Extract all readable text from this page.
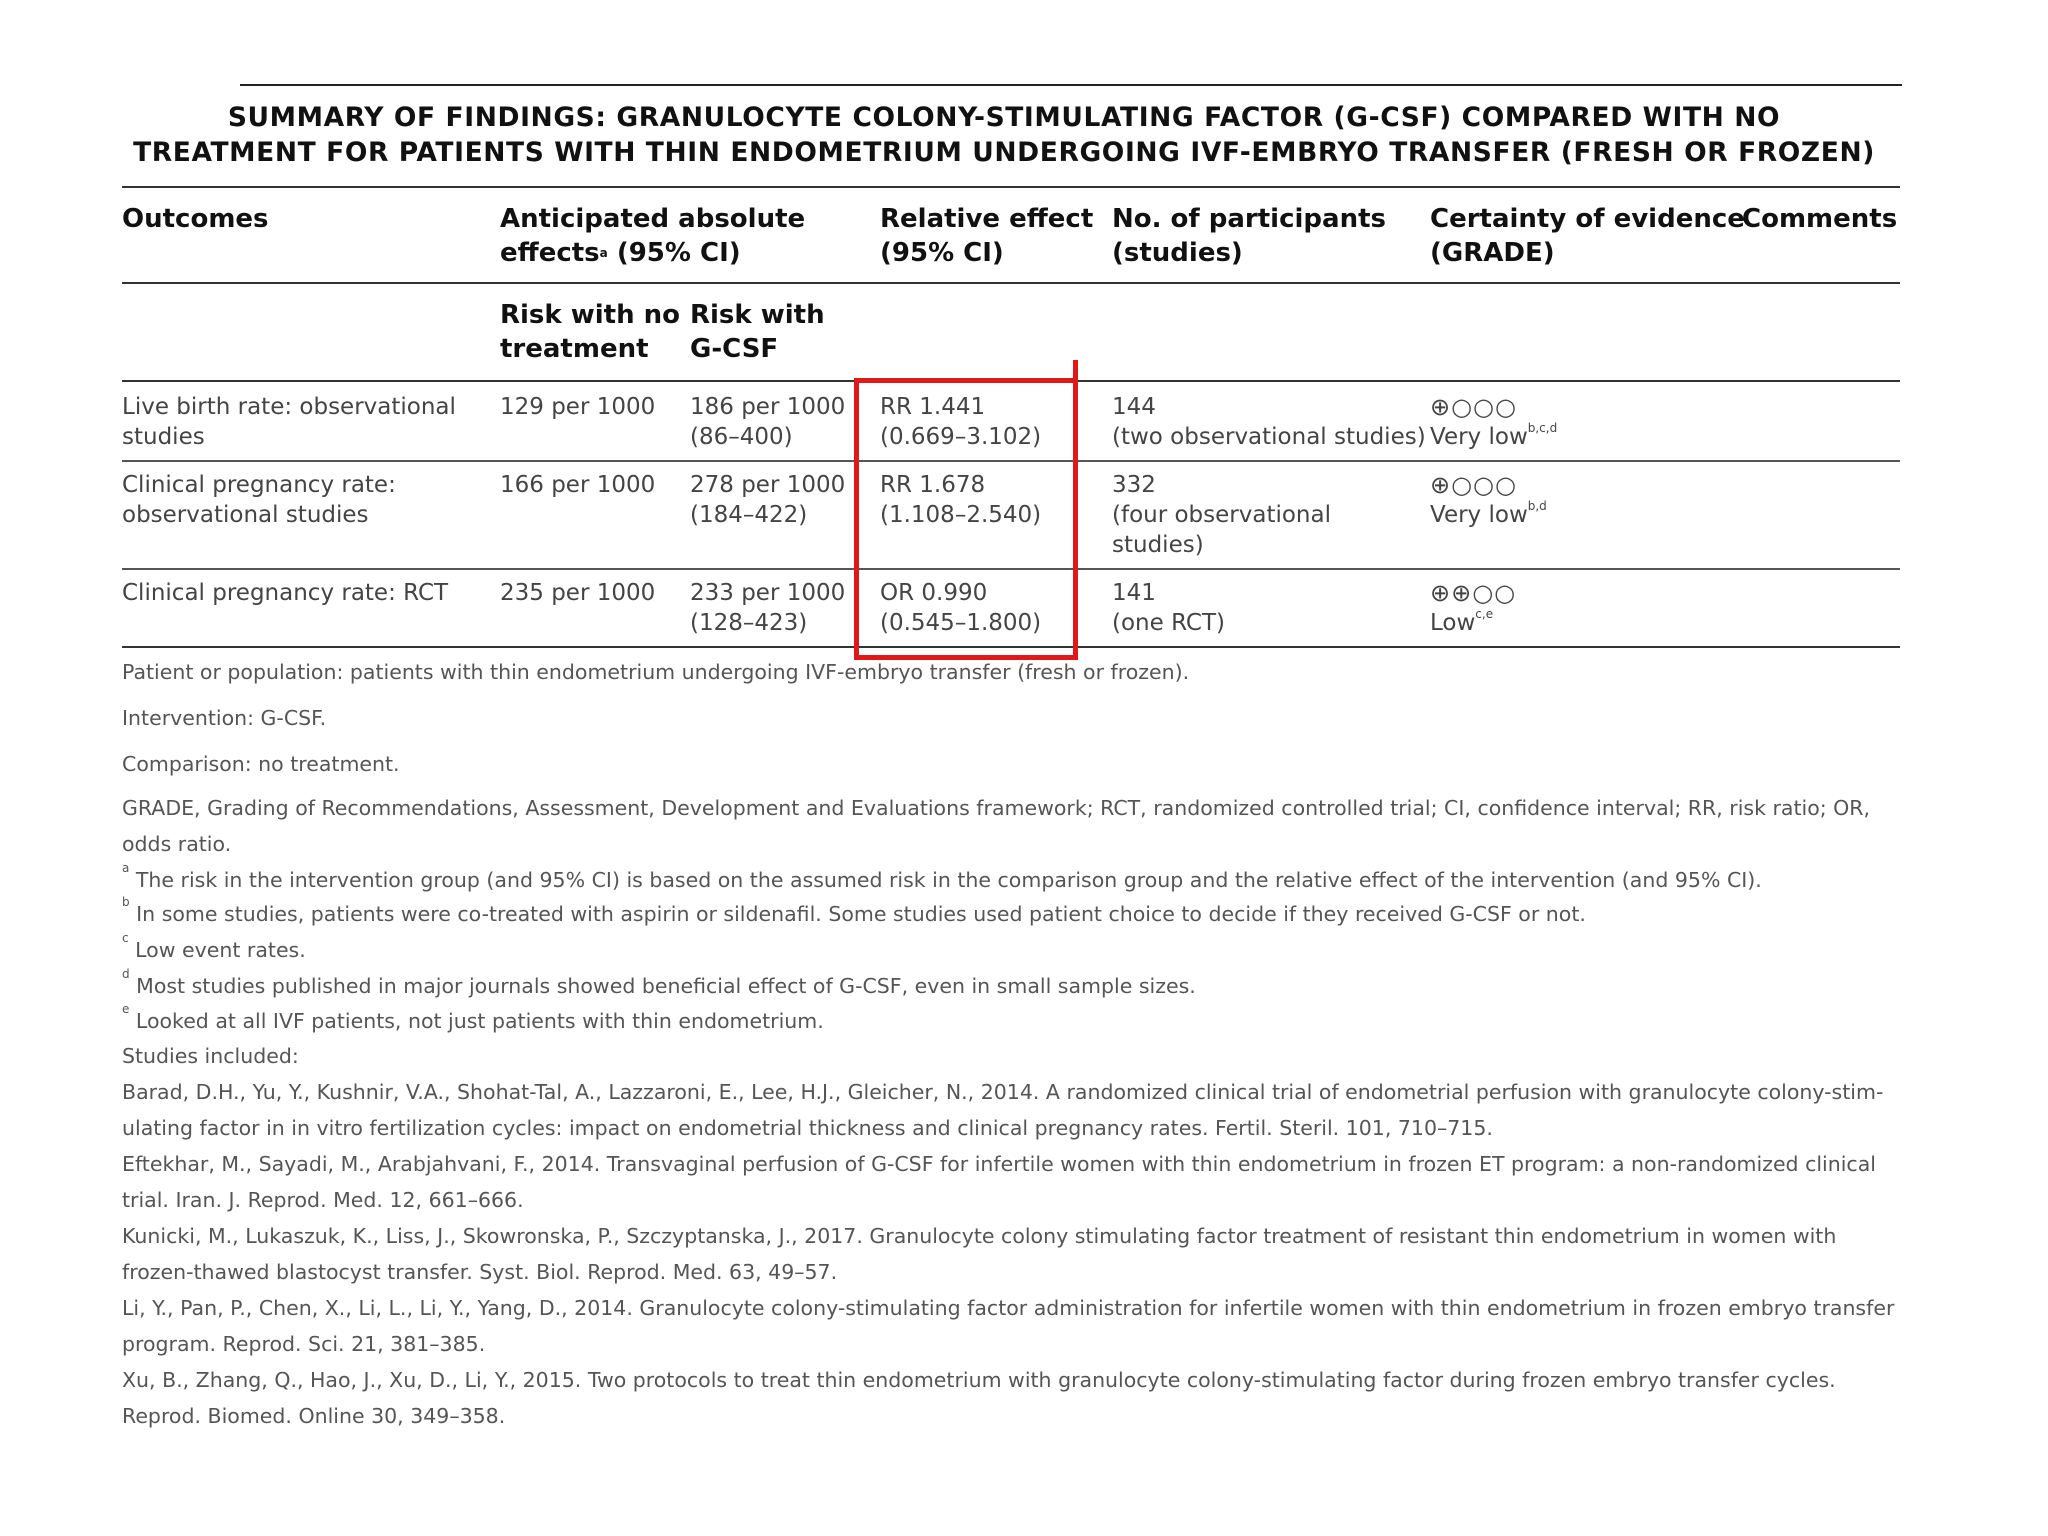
SUMMARY OF FINDINGS: GRANULOCYTE COLONY-STIMULATING FACTOR (G-CSF) COMPARED WITH NO
TREATMENT FOR PATIENTS WITH THIN ENDOMETRIUM UNDERGOING IVF-EMBRYO TRANSFER (FRESH OR FROZEN)
Outcomes	Anticipated absolute
effects$^a$ (95% CI)
Relative effect
(95% CI)
No. of participants
(studies)
Certainty of evidence
(GRADE)
Comments
Risk with no
treatment
Risk with
G-CSF
Live birth rate: observational
studies
129 per 1000 186 per 1000
(86–400)
RR 1.441
(0.669–3.102)
144
(two observational studies)
⊕○○○
Very low$^{b,c,d}$
Clinical pregnancy rate:
observational studies
166 per 1000 278 per 1000
(184–422)
RR 1.678
(1.108–2.540)
332
(four observational
studies)
⊕○○○
Very low$^{b,d}$
Clinical pregnancy rate: RCT 235 per 1000 233 per 1000
(128–423)
OR 0.990
(0.545–1.800)
141
(one RCT)
⊕⊕○○
Low$^{c,e}$
Patient or population: patients with thin endometrium undergoing IVF-embryo transfer (fresh or frozen).
Intervention: G-CSF.
Comparison: no treatment.
GRADE, Grading of Recommendations, Assessment, Development and Evaluations framework; RCT, randomized controlled trial; CI, confidence interval; RR, risk ratio; OR,
odds ratio.
$^a$ The risk in the intervention group (and 95% CI) is based on the assumed risk in the comparison group and the relative effect of the intervention (and 95% CI).
$^b$ In some studies, patients were co-treated with aspirin or sildenafil. Some studies used patient choice to decide if they received G-CSF or not.
$^c$ Low event rates.
$^d$ Most studies published in major journals showed beneficial effect of G-CSF, even in small sample sizes.
$^e$ Looked at all IVF patients, not just patients with thin endometrium.
Studies included:
Barad, D.H., Yu, Y., Kushnir, V.A., Shohat-Tal, A., Lazzaroni, E., Lee, H.J., Gleicher, N., 2014. A randomized clinical trial of endometrial perfusion with granulocyte colony-stim-
ulating factor in in vitro fertilization cycles: impact on endometrial thickness and clinical pregnancy rates. Fertil. Steril. 101, 710–715.
Eftekhar, M., Sayadi, M., Arabjahvani, F., 2014. Transvaginal perfusion of G-CSF for infertile women with thin endometrium in frozen ET program: a non-randomized clinical
trial. Iran. J. Reprod. Med. 12, 661–666.
Kunicki, M., Lukaszuk, K., Liss, J., Skowronska, P., Szczyptanska, J., 2017. Granulocyte colony stimulating factor treatment of resistant thin endometrium in women with
frozen-thawed blastocyst transfer. Syst. Biol. Reprod. Med. 63, 49–57.
Li, Y., Pan, P., Chen, X., Li, L., Li, Y., Yang, D., 2014. Granulocyte colony-stimulating factor administration for infertile women with thin endometrium in frozen embryo transfer
program. Reprod. Sci. 21, 381–385.
Xu, B., Zhang, Q., Hao, J., Xu, D., Li, Y., 2015. Two protocols to treat thin endometrium with granulocyte colony-stimulating factor during frozen embryo transfer cycles.
Reprod. Biomed. Online 30, 349–358.
